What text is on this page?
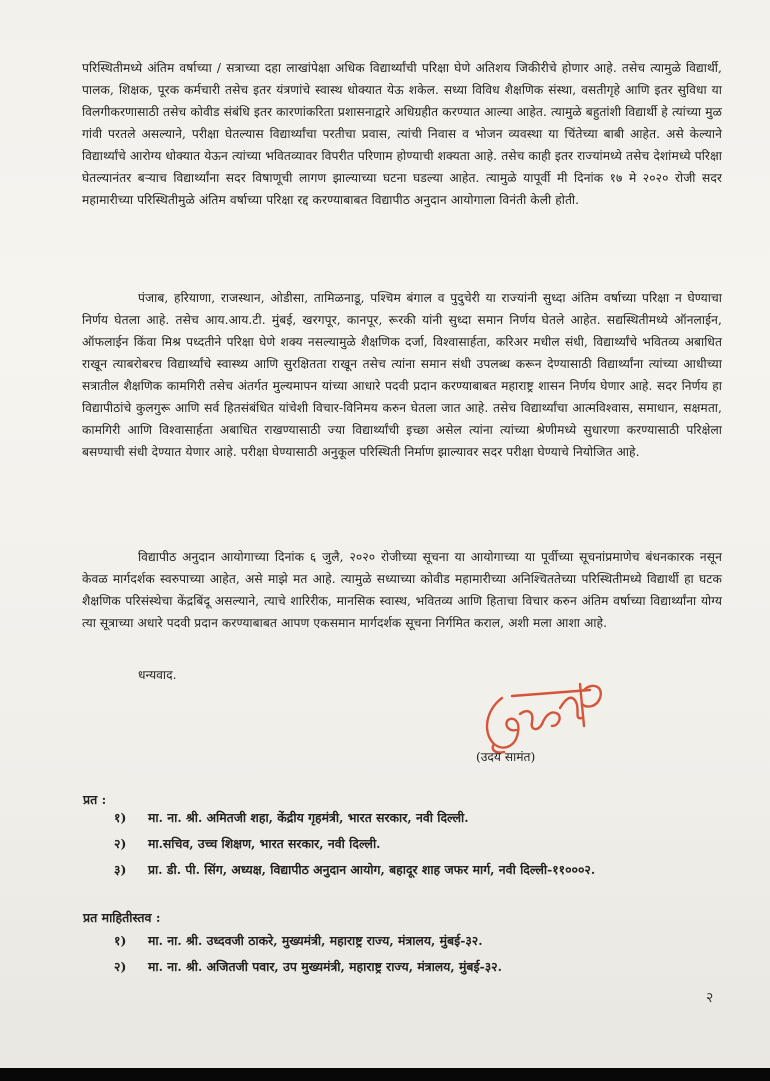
परिस्थितीमध्ये अंतिम वर्षाच्या / सत्राच्या दहा लाखांपेक्षा अधिक विद्यार्थ्यांची परिक्षा घेणे अतिशय जिकीरीचे होणार आहे. तसेच त्यामुळे विद्यार्थी, पालक, शिक्षक, पूरक कर्मचारी तसेच इतर यंत्रणांचे स्वास्थ धोक्यात येऊ शकेल. सध्या विविध शैक्षणिक संस्था, वसतीगृहे आणि इतर सुविधा या विलगीकरणासाठी तसेच कोवीड संबंधि इतर कारणांकरिता प्रशासनाद्वारे अधिग्रहीत करण्यात आल्या आहेत. त्यामुळे बहुतांशी विद्यार्थी हे त्यांच्या मुळ गांवी परतले असल्याने, परीक्षा घेतल्यास विद्यार्थ्यांचा परतीचा प्रवास, त्यांची निवास व भोजन व्यवस्था या चिंतेच्या बाबी आहेत. असे केल्याने विद्यार्थ्यांचे आरोग्य धोक्यात येऊन त्यांच्या भवितव्यावर विपरीत परिणाम होण्याची शक्यता आहे. तसेच काही इतर राज्यांमध्ये तसेच देशांमध्ये परिक्षा घेतल्यानंतर बऱ्याच विद्यार्थ्यांना सदर विषाणूची लागण झाल्याच्या घटना घडल्या आहेत. त्यामुळे यापूर्वी मी दिनांक १७ मे २०२० रोजी सदर महामारीच्या परिस्थितीमुळे अंतिम वर्षाच्या परिक्षा रद्द करण्याबाबत विद्यापीठ अनुदान आयोगाला विनंती केली होती.

पंजाब, हरियाणा, राजस्थान, ओडीसा, तामिळनाडू, पश्चिम बंगाल व पुदुचेरी या राज्यांनी सुध्दा अंतिम वर्षाच्या परिक्षा न घेण्याचा निर्णय घेतला आहे. तसेच आय.आय.टी. मुंबई, खरगपूर, कानपूर, रूरकी यांनी सुध्दा समान निर्णय घेतले आहेत. सद्यस्थितीमध्ये ऑनलाईन, ऑफलाईन किंवा मिश्र पध्दतीने परिक्षा घेणे शक्य नसल्यामुळे शैक्षणिक दर्जा, विश्वासार्हता, करिअर मधील संधी, विद्यार्थ्यांचे भवितव्य अबाधित राखून त्याबरोबरच विद्यार्थ्यांचे स्वास्थ्य आणि सुरक्षितता राखून तसेच त्यांना समान संधी उपलब्ध करून देण्यासाठी विद्यार्थ्यांना त्यांच्या आधीच्या सत्रातील शैक्षणिक कामगिरी तसेच अंतर्गत मुल्यमापन यांच्या आधारे पदवी प्रदान करण्याबाबत महाराष्ट्र शासन निर्णय घेणार आहे. सदर निर्णय हा विद्यापीठांचे कुलगुरू आणि सर्व हितसंबंधित यांचेशी विचार-विनिमय करुन घेतला जात आहे. तसेच विद्यार्थ्यांचा आत्मविश्वास, समाधान, सक्षमता, कामगिरी आणि विश्वासार्हता अबाधित राखण्यासाठी ज्या विद्यार्थ्यांची इच्छा असेल त्यांना त्यांच्या श्रेणीमध्ये सुधारणा करण्यासाठी परिक्षेला बसण्याची संधी देण्यात येणार आहे. परीक्षा घेण्यासाठी अनुकूल परिस्थिती निर्माण झाल्यावर सदर परीक्षा घेण्याचे नियोजित आहे.

विद्यापीठ अनुदान आयोगाच्या दिनांक ६ जुलै, २०२० रोजीच्या सूचना या आयोगाच्या या पूर्वीच्या सूचनांप्रमाणेच बंधनकारक नसून केवळ मार्गदर्शक स्वरुपाच्या आहेत, असे माझे मत आहे. त्यामुळे सध्याच्या कोवीड महामारीच्या अनिश्चिततेच्या परिस्थितीमध्ये विद्यार्थी हा घटक शैक्षणिक परिसंस्थेचा केंद्रबिंदू असल्याने, त्याचे शारिरीक, मानसिक स्वास्थ, भवितव्य आणि हिताचा विचार करुन अंतिम वर्षाच्या विद्यार्थ्यांना योग्य त्या सूत्राच्या अधारे पदवी प्रदान करण्याबाबत आपण एकसमान मार्गदर्शक सूचना निर्गमित कराल, अशी मला आशा आहे.

धन्यवाद.

(उदय सामंत)

प्रत :

१) मा. ना. श्री. अमितजी शहा, केंद्रीय गृहमंत्री, भारत सरकार, नवी दिल्ली.
२) मा.सचिव, उच्च शिक्षण, भारत सरकार, नवी दिल्ली.
३) प्रा. डी. पी. सिंग, अध्यक्ष, विद्यापीठ अनुदान आयोग, बहादूर शाह जफर मार्ग, नवी दिल्ली-११०००२.

प्रत माहितीस्तव :

१) मा. ना. श्री. उध्दवजी ठाकरे, मुख्यमंत्री, महाराष्ट्र राज्य, मंत्रालय, मुंबई-३२.
२) मा. ना. श्री. अजितजी पवार, उप मुख्यमंत्री, महाराष्ट्र राज्य, मंत्रालय, मुंबई-३२.
२
